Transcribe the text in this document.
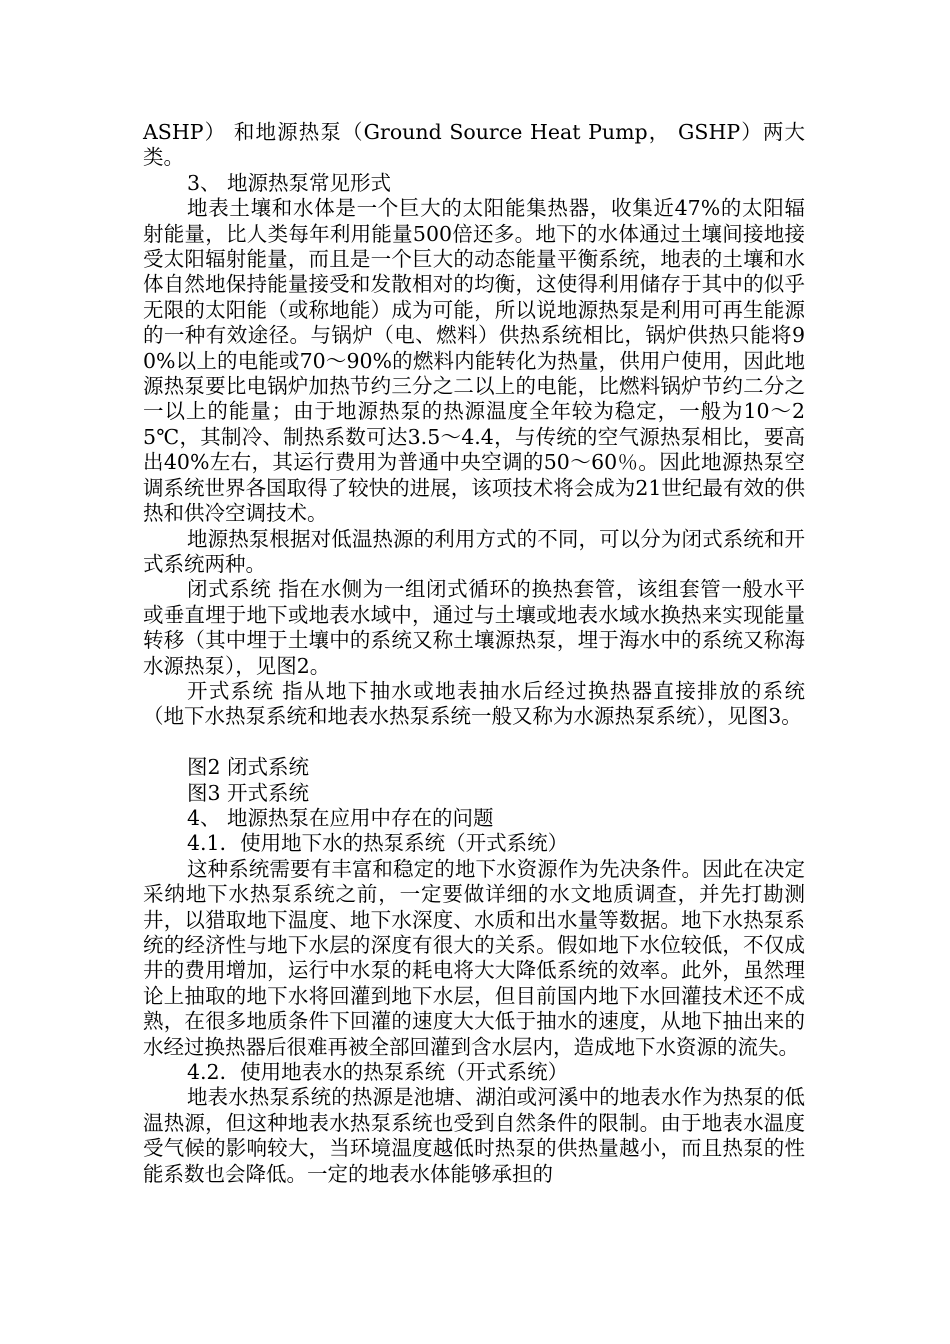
ASHP） 和地源热泵（Ground Source Heat Pump， GSHP）两大类。

3、 地源热泵常见形式

地表土壤和水体是一个巨大的太阳能集热器，收集近47%的太阳辐射能量，比人类每年利用能量500倍还多。地下的水体通过土壤间接地接受太阳辐射能量，而且是一个巨大的动态能量平衡系统，地表的土壤和水体自然地保持能量接受和发散相对的均衡，这使得利用储存于其中的似乎无限的太阳能（或称地能）成为可能，所以说地源热泵是利用可再生能源的一种有效途径。与锅炉（电、燃料）供热系统相比，锅炉供热只能将90%以上的电能或70～90%的燃料内能转化为热量，供用户使用，因此地源热泵要比电锅炉加热节约三分之二以上的电能，比燃料锅炉节约二分之一以上的能量；由于地源热泵的热源温度全年较为稳定，一般为10～25℃，其制冷、制热系数可达3.5～4.4，与传统的空气源热泵相比，要高出40%左右，其运行费用为普通中央空调的50～60％。因此地源热泵空调系统世界各国取得了较快的进展，该项技术将会成为21世纪最有效的供热和供冷空调技术。

地源热泵根据对低温热源的利用方式的不同，可以分为闭式系统和开式系统两种。

闭式系统 指在水侧为一组闭式循环的换热套管，该组套管一般水平或垂直埋于地下或地表水域中，通过与土壤或地表水域水换热来实现能量转移（其中埋于土壤中的系统又称土壤源热泵，埋于海水中的系统又称海水源热泵），见图2。

开式系统 指从地下抽水或地表抽水后经过换热器直接排放的系统（地下水热泵系统和地表水热泵系统一般又称为水源热泵系统），见图3。

图2 闭式系统

图3 开式系统

4、 地源热泵在应用中存在的问题

4.1．使用地下水的热泵系统（开式系统）

这种系统需要有丰富和稳定的地下水资源作为先决条件。因此在决定采纳地下水热泵系统之前，一定要做详细的水文地质调查，并先打勘测井，以猎取地下温度、地下水深度、水质和出水量等数据。地下水热泵系统的经济性与地下水层的深度有很大的关系。假如地下水位较低，不仅成井的费用增加，运行中水泵的耗电将大大降低系统的效率。此外，虽然理论上抽取的地下水将回灌到地下水层，但目前国内地下水回灌技术还不成熟，在很多地质条件下回灌的速度大大低于抽水的速度，从地下抽出来的水经过换热器后很难再被全部回灌到含水层内，造成地下水资源的流失。

4.2．使用地表水的热泵系统（开式系统）

地表水热泵系统的热源是池塘、湖泊或河溪中的地表水作为热泵的低温热源，但这种地表水热泵系统也受到自然条件的限制。由于地表水温度受气候的影响较大，当环境温度越低时热泵的供热量越小，而且热泵的性能系数也会降低。一定的地表水体能够承担的
